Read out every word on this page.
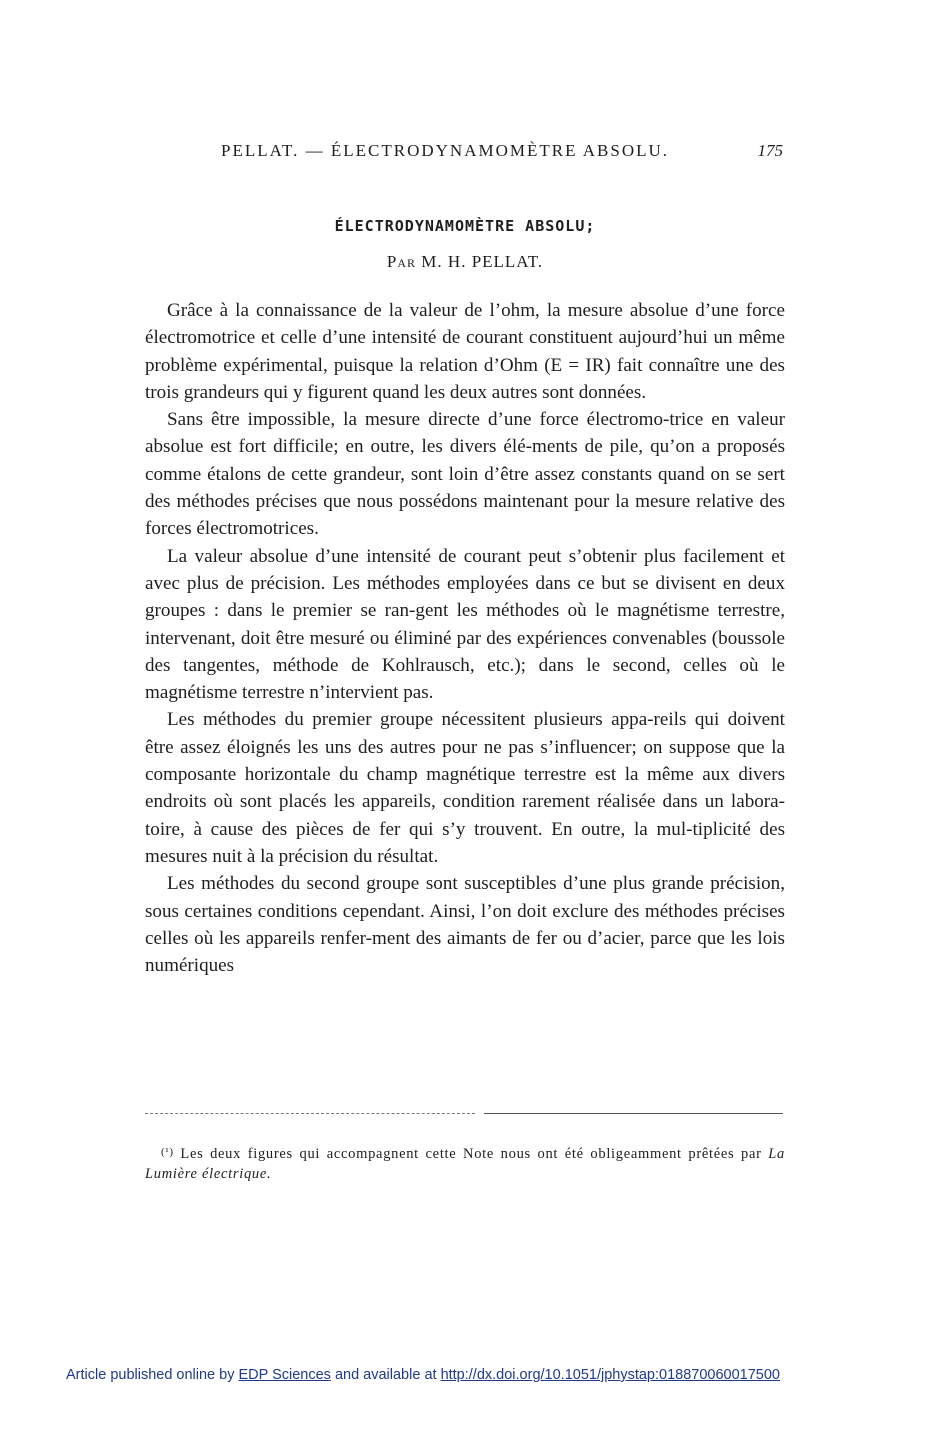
PELLAT. — ÉLECTRODYNAMOMÈTRE ABSOLU.	175
ÉLECTRODYNAMOMÈTRE ABSOLU;
Par M. H. PELLAT.

Grâce à la connaissance de la valeur de l’ohm, la mesure absolue d’une force électromotrice et celle d’une intensité de courant constituent aujourd’hui un même problème expérimental, puisque la relation d’Ohm (E = IR) fait connaître une des trois grandeurs qui y figurent quand les deux autres sont données.

Sans être impossible, la mesure directe d’une force électromo-trice en valeur absolue est fort difficile; en outre, les divers élé-ments de pile, qu’on a proposés comme étalons de cette grandeur, sont loin d’être assez constants quand on se sert des méthodes précises que nous possédons maintenant pour la mesure relative des forces électromotrices.

La valeur absolue d’une intensité de courant peut s’obtenir plus facilement et avec plus de précision. Les méthodes employées dans ce but se divisent en deux groupes : dans le premier se ran-gent les méthodes où le magnétisme terrestre, intervenant, doit être mesuré ou éliminé par des expériences convenables (boussole des tangentes, méthode de Kohlrausch, etc.); dans le second, celles où le magnétisme terrestre n’intervient pas.

Les méthodes du premier groupe nécessitent plusieurs appa-reils qui doivent être assez éloignés les uns des autres pour ne pas s’influencer; on suppose que la composante horizontale du champ magnétique terrestre est la même aux divers endroits où sont placés les appareils, condition rarement réalisée dans un labora-toire, à cause des pièces de fer qui s’y trouvent. En outre, la mul-tiplicité des mesures nuit à la précision du résultat.

Les méthodes du second groupe sont susceptibles d’une plus grande précision, sous certaines conditions cependant. Ainsi, l’on doit exclure des méthodes précises celles où les appareils renfer-ment des aimants de fer ou d’acier, parce que les lois numériques

$^{(^1)}$ Les deux figures qui accompagnent cette Note nous ont été obligeamment prêtées par La Lumière électrique.

Article published online by EDP Sciences and available at http://dx.doi.org/10.1051/jphystap:018870060017500
